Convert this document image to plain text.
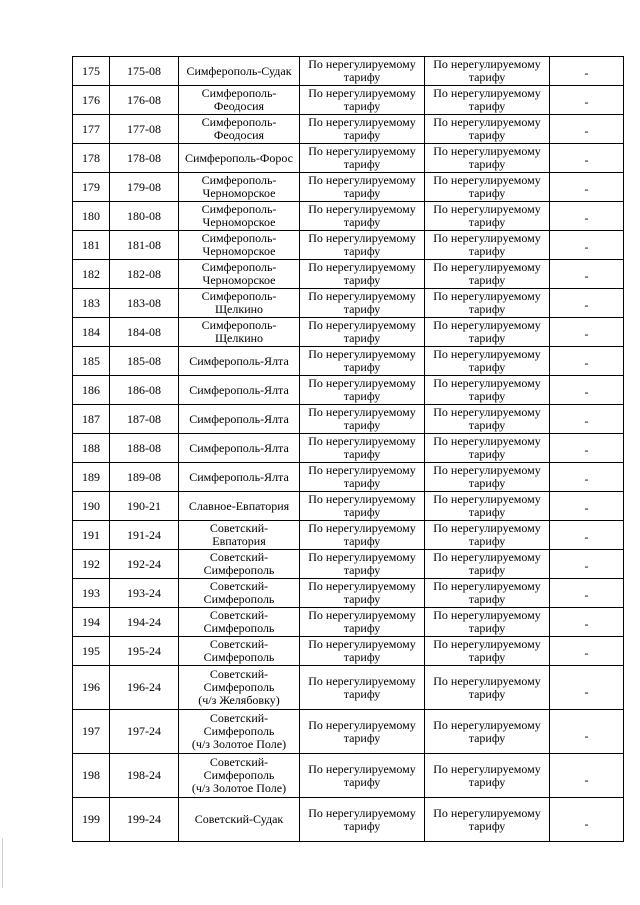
175	175-08	Симферополь-Судак	По нерегулируемому тарифу	По нерегулируемому тарифу	-
176	176-08	Симферополь-
Феодосия	По нерегулируемому тарифу	По нерегулируемому тарифу	-
177	177-08	Симферополь-
Феодосия	По нерегулируемому тарифу	По нерегулируемому тарифу	-
178	178-08	Симферополь-Форос	По нерегулируемому тарифу	По нерегулируемому тарифу	-
179	179-08	Симферополь-
Черноморское	По нерегулируемому тарифу	По нерегулируемому тарифу	-
180	180-08	Симферополь-
Черноморское	По нерегулируемому тарифу	По нерегулируемому тарифу	-
181	181-08	Симферополь-
Черноморское	По нерегулируемому тарифу	По нерегулируемому тарифу	-
182	182-08	Симферополь-
Черноморское	По нерегулируемому тарифу	По нерегулируемому тарифу	-
183	183-08	Симферополь-
Щелкино	По нерегулируемому тарифу	По нерегулируемому тарифу	-
184	184-08	Симферополь-
Щелкино	По нерегулируемому тарифу	По нерегулируемому тарифу	-
185	185-08	Симферополь-Ялта	По нерегулируемому тарифу	По нерегулируемому тарифу	-
186	186-08	Симферополь-Ялта	По нерегулируемому тарифу	По нерегулируемому тарифу	-
187	187-08	Симферополь-Ялта	По нерегулируемому тарифу	По нерегулируемому тарифу	-
188	188-08	Симферополь-Ялта	По нерегулируемому тарифу	По нерегулируемому тарифу	-
189	189-08	Симферополь-Ялта	По нерегулируемому тарифу	По нерегулируемому тарифу	-
190	190-21	Славное-Евпатория	По нерегулируемому тарифу	По нерегулируемому тарифу	-
191	191-24	Советский-
Евпатория	По нерегулируемому тарифу	По нерегулируемому тарифу	-
192	192-24	Советский-
Симферополь	По нерегулируемому тарифу	По нерегулируемому тарифу	-
193	193-24	Советский-
Симферополь	По нерегулируемому тарифу	По нерегулируемому тарифу	-
194	194-24	Советский-
Симферополь	По нерегулируемому тарифу	По нерегулируемому тарифу	-
195	195-24	Советский-
Симферополь	По нерегулируемому тарифу	По нерегулируемому тарифу	-
196	196-24	Советский-
Симферополь
(ч/з Желябовку)	По нерегулируемому тарифу	По нерегулируемому тарифу	-
197	197-24	Советский-
Симферополь
(ч/з Золотое Поле)	По нерегулируемому тарифу	По нерегулируемому тарифу	-
198	198-24	Советский-
Симферополь
(ч/з Золотое Поле)	По нерегулируемому тарифу	По нерегулируемому тарифу	-
199	199-24	Советский-Судак	По нерегулируемому тарифу	По нерегулируемому тарифу	-
